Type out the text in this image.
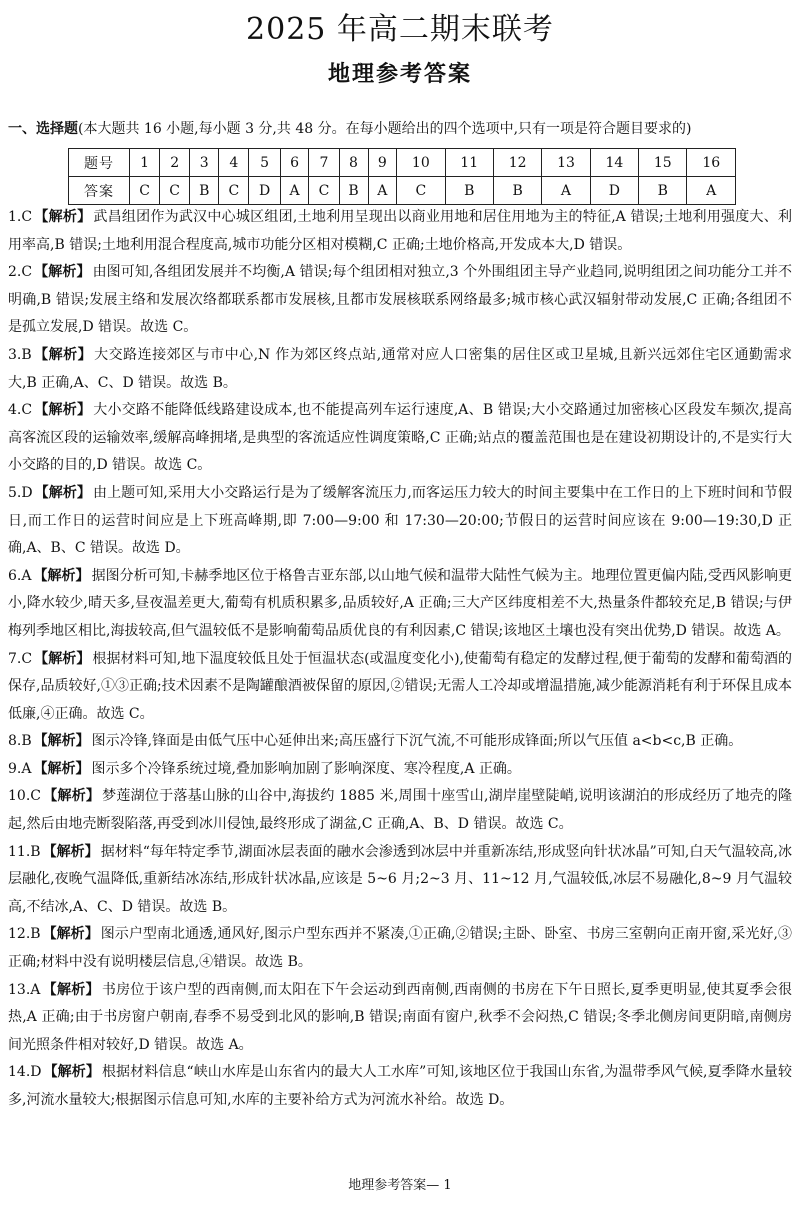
2025 年高二期末联考
地理参考答案
一、选择题(本大题共 16 小题,每小题 3 分,共 48 分。在每小题给出的四个选项中,只有一项是符合题目要求的)
题号	1	2	3	4	5	6	7	8	9	10	11	12	13	14	15	16
答案	C	C	B	C	D	A	C	B	A	C	B	B	A	D	B	A

1.C 【解析】 武昌组团作为武汉中心城区组团,土地利用呈现出以商业用地和居住用地为主的特征,A 错误;土地利用强度大、利用率高,B 错误;土地利用混合程度高,城市功能分区相对模糊,C 正确;土地价格高,开发成本大,D 错误。

2.C 【解析】 由图可知,各组团发展并不均衡,A 错误;每个组团相对独立,3 个外围组团主导产业趋同,说明组团之间功能分工并不明确,B 错误;发展主络和发展次络都联系都市发展核,且都市发展核联系网络最多;城市核心武汉辐射带动发展,C 正确;各组团不是孤立发展,D 错误。故选 C。

3.B 【解析】 大交路连接郊区与市中心,N 作为郊区终点站,通常对应人口密集的居住区或卫星城,且新兴远郊住宅区通勤需求大,B 正确,A、C、D 错误。故选 B。

4.C 【解析】 大小交路不能降低线路建设成本,也不能提高列车运行速度,A、B 错误;大小交路通过加密核心区段发车频次,提高高客流区段的运输效率,缓解高峰拥堵,是典型的客流适应性调度策略,C 正确;站点的覆盖范围也是在建设初期设计的,不是实行大小交路的目的,D 错误。故选 C。

5.D 【解析】 由上题可知,采用大小交路运行是为了缓解客流压力,而客运压力较大的时间主要集中在工作日的上下班时间和节假日,而工作日的运营时间应是上下班高峰期,即 7:00—9:00 和 17:30—20:00;节假日的运营时间应该在 9:00—19:30,D 正确,A、B、C 错误。故选 D。

6.A 【解析】 据图分析可知,卡赫季地区位于格鲁吉亚东部,以山地气候和温带大陆性气候为主。地理位置更偏内陆,受西风影响更小,降水较少,晴天多,昼夜温差更大,葡萄有机质积累多,品质较好,A 正确;三大产区纬度相差不大,热量条件都较充足,B 错误;与伊梅列季地区相比,海拔较高,但气温较低不是影响葡萄品质优良的有利因素,C 错误;该地区土壤也没有突出优势,D 错误。故选 A。

7.C 【解析】 根据材料可知,地下温度较低且处于恒温状态(或温度变化小),使葡萄有稳定的发酵过程,便于葡萄的发酵和葡萄酒的保存,品质较好,①③正确;技术因素不是陶罐酿酒被保留的原因,②错误;无需人工冷却或增温措施,减少能源消耗有利于环保且成本低廉,④正确。故选 C。

8.B 【解析】 图示冷锋,锋面是由低气压中心延伸出来;高压盛行下沉气流,不可能形成锋面;所以气压值 a<b<c,B 正确。

9.A 【解析】 图示多个冷锋系统过境,叠加影响加剧了影响深度、寒冷程度,A 正确。

10.C 【解析】 梦莲湖位于落基山脉的山谷中,海拔约 1885 米,周围十座雪山,湖岸崖壁陡峭,说明该湖泊的形成经历了地壳的隆起,然后由地壳断裂陷落,再受到冰川侵蚀,最终形成了湖盆,C 正确,A、B、D 错误。故选 C。

11.B 【解析】 据材料“每年特定季节,湖面冰层表面的融水会渗透到冰层中并重新冻结,形成竖向针状冰晶”可知,白天气温较高,冰层融化,夜晚气温降低,重新结冰冻结,形成针状冰晶,应该是 5~6 月;2~3 月、11~12 月,气温较低,冰层不易融化,8~9 月气温较高,不结冰,A、C、D 错误。故选 B。

12.B 【解析】 图示户型南北通透,通风好,图示户型东西并不紧凑,①正确,②错误;主卧、卧室、书房三室朝向正南开窗,采光好,③正确;材料中没有说明楼层信息,④错误。故选 B。

13.A 【解析】 书房位于该户型的西南侧,而太阳在下午会运动到西南侧,西南侧的书房在下午日照长,夏季更明显,使其夏季会很热,A 正确;由于书房窗户朝南,春季不易受到北风的影响,B 错误;南面有窗户,秋季不会闷热,C 错误;冬季北侧房间更阴暗,南侧房间光照条件相对较好,D 错误。故选 A。

14.D 【解析】 根据材料信息“峡山水库是山东省内的最大人工水库”可知,该地区位于我国山东省,为温带季风气候,夏季降水量较多,河流水量较大;根据图示信息可知,水库的主要补给方式为河流水补给。故选 D。

地理参考答案— 1
